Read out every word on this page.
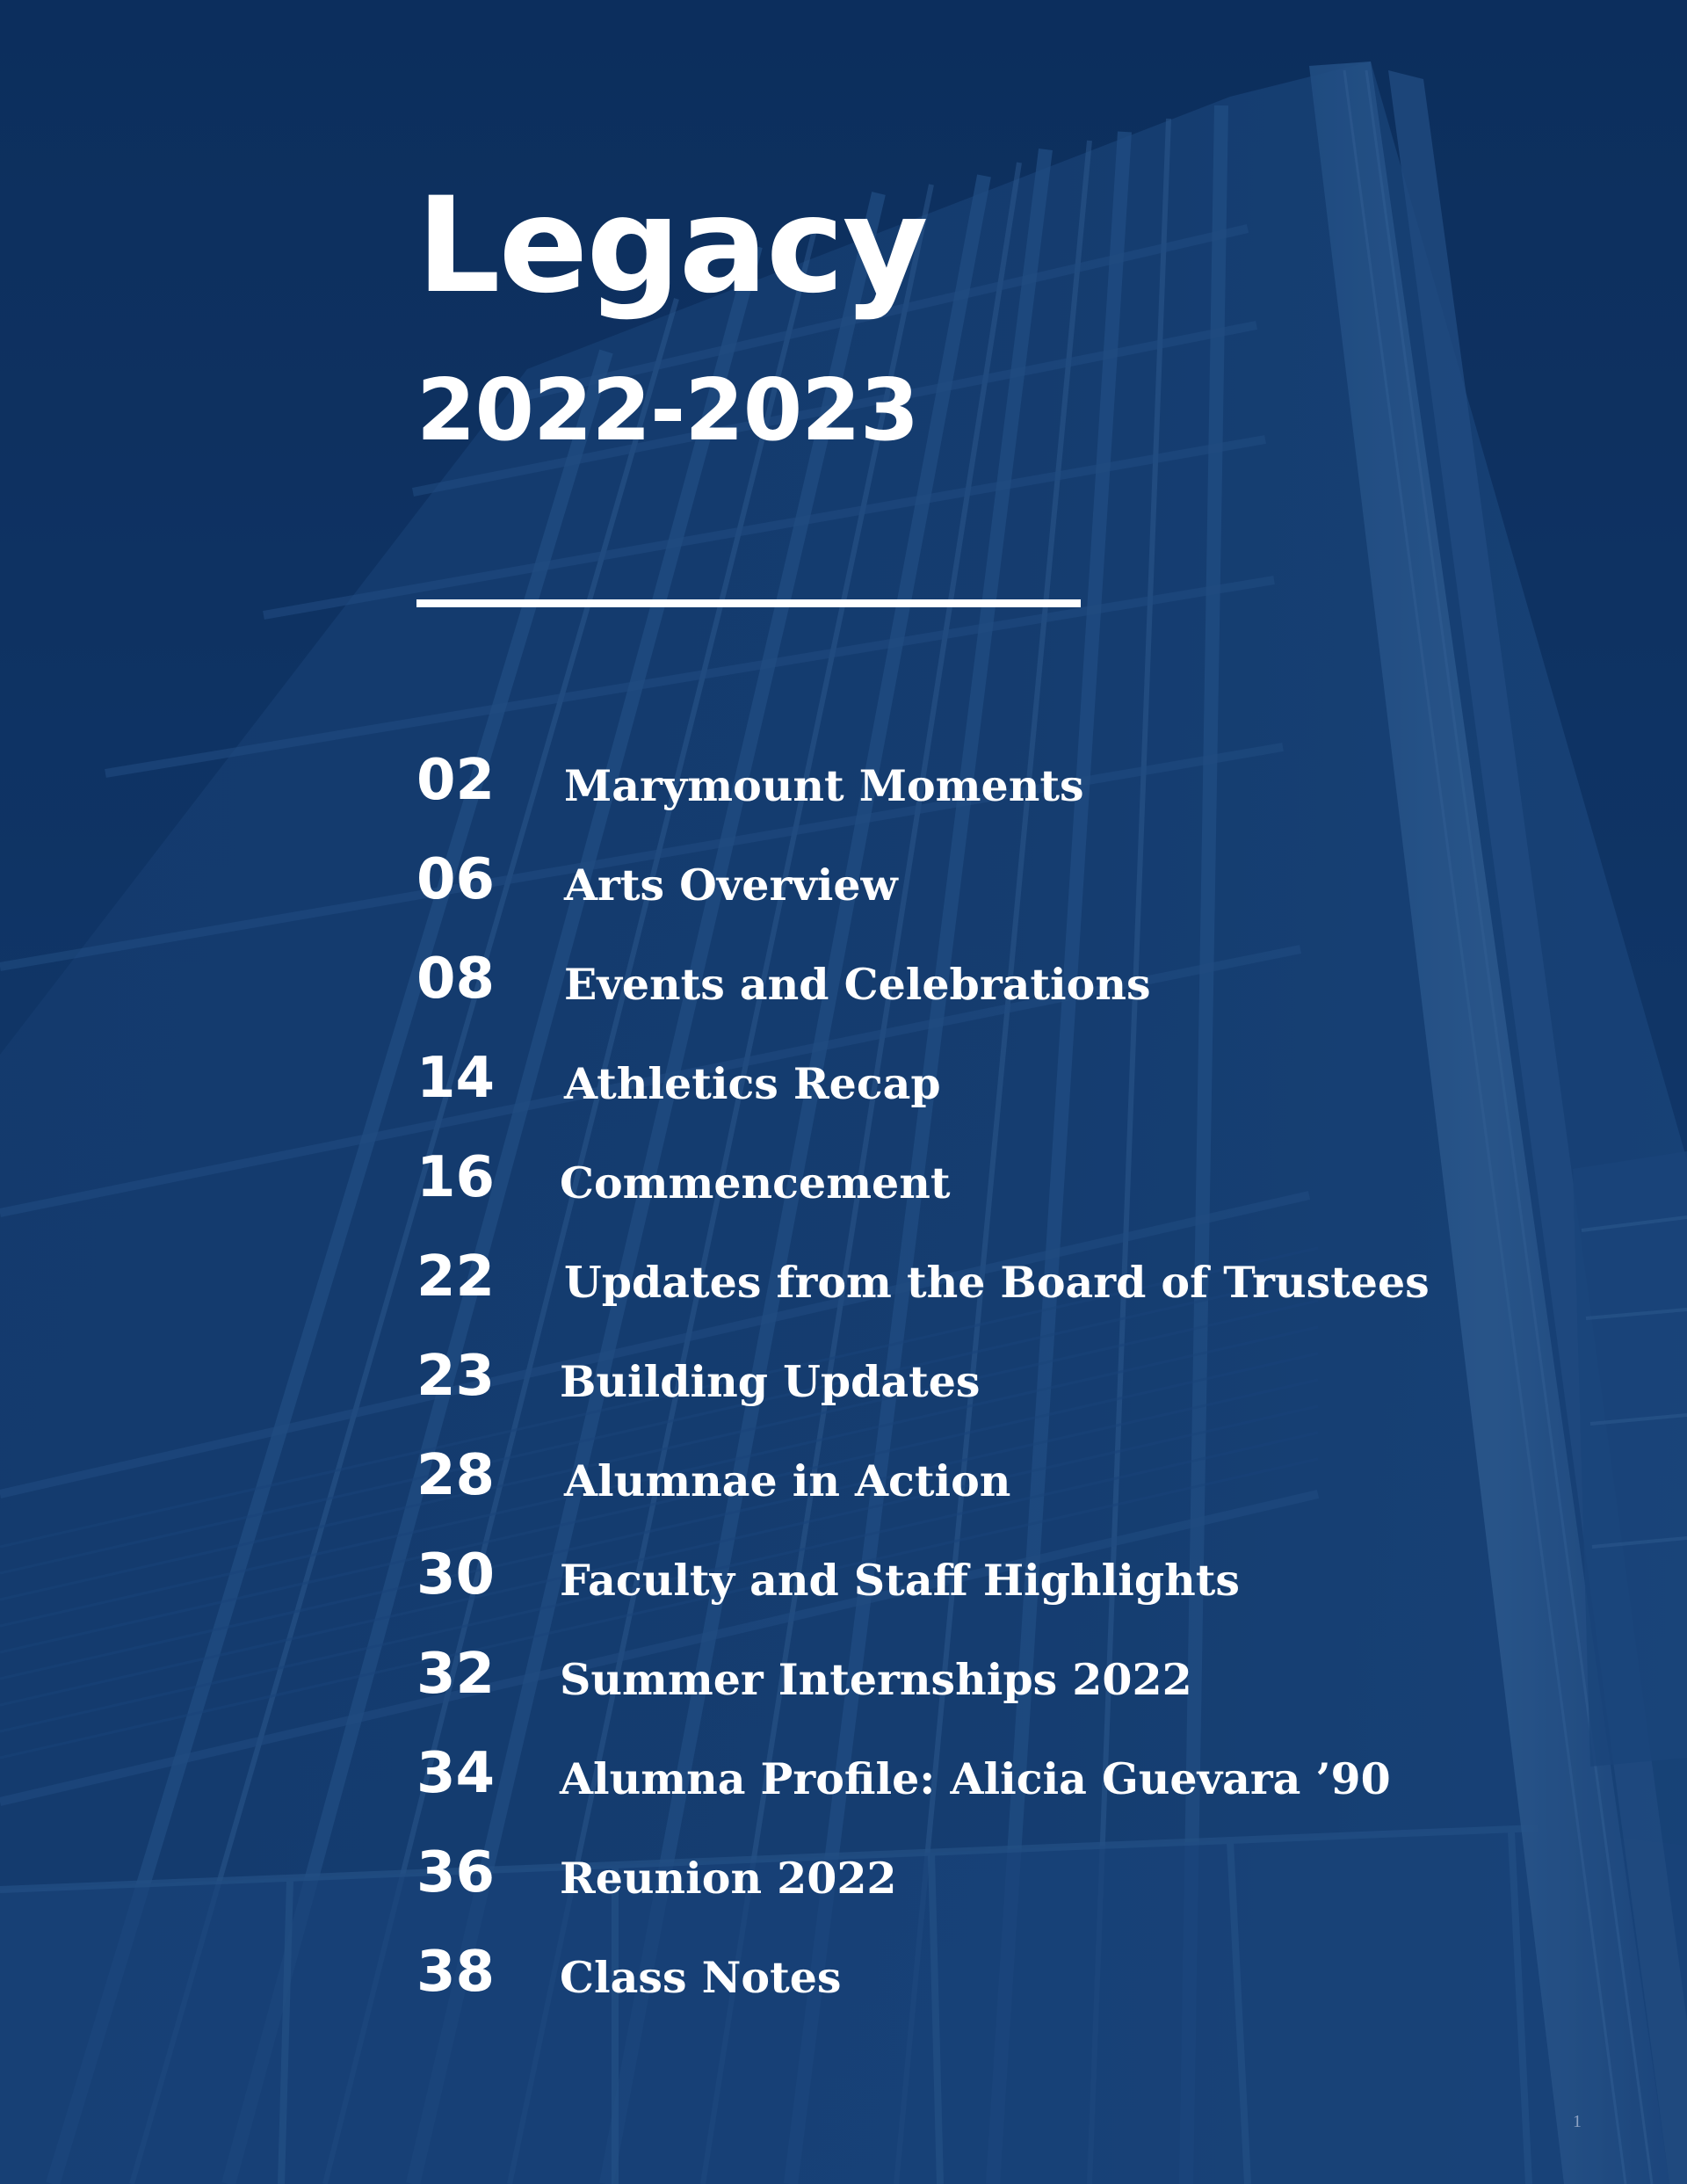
Legacy
2022-2023
02 Marymount Moments
06 Arts Overview
08 Events and Celebrations
14 Athletics Recap
16 Commencement
22 Updates from the Board of Trustees
23 Building Updates
28 Alumnae in Action
30 Faculty and Staff Highlights
32 Summer Internships 2022
34 Alumna Profile: Alicia Guevara ’90
36 Reunion 2022
38 Class Notes
1
